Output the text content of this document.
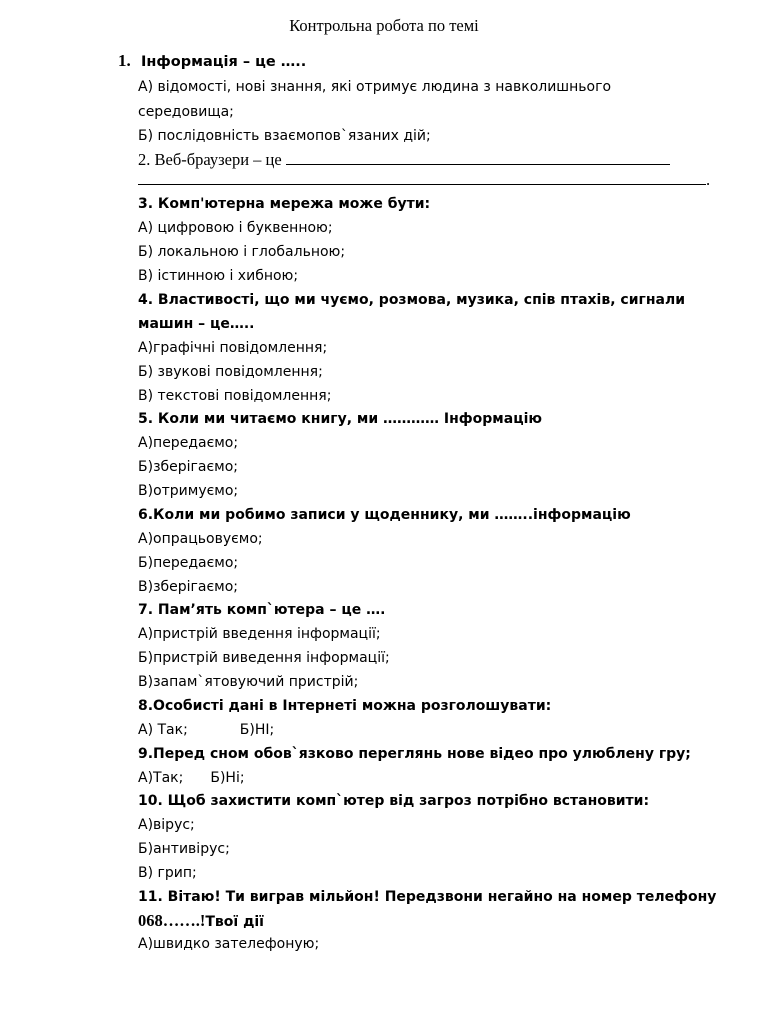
Контрольна робота по темі
1. Інформація – це …..
А) відомості, нові знання, які отримує людина з навколишнього
середовища;
Б) послідовність взаємопов`язаних дій;
2. Веб-браузери – це
.
3. Комп'ютерна мережа може бути:
А) цифровою і буквенною;
Б) локальною і глобальною;
В) істинною і хибною;
4. Властивості, що ми чуємо, розмова, музика, спів птахів, сигнали
машин – це…..
А)графічні повідомлення;
Б) звукові повідомлення;
В) текстові повідомлення;
5. Коли ми читаємо книгу, ми ………… Інформацію
А)передаємо;
Б)зберігаємо;
В)отримуємо;
6.Коли ми робимо записи у щоденнику, ми ……..інформацію
А)опрацьовуємо;
Б)передаємо;
В)зберігаємо;
7. Пам’ять комп`ютера – це ….
А)пристрій введення інформації;
Б)пристрій виведення інформації;
В)запам`ятовуючий пристрій;
8.Особисті дані в Інтернеті можна розголошувати:
А) Так;	Б)НІ;
9.Перед сном обов`язково переглянь нове відео про улюблену гру;
А)Так; Б)Ні;
10. Щоб захистити комп`ютер від загроз потрібно встановити:
А)вірус;
Б)антивірус;
В) грип;
11. Вітаю! Ти виграв мільйон! Передзвони негайно на номер телефону
068…….!Твої дії
А)швидко зателефоную;
